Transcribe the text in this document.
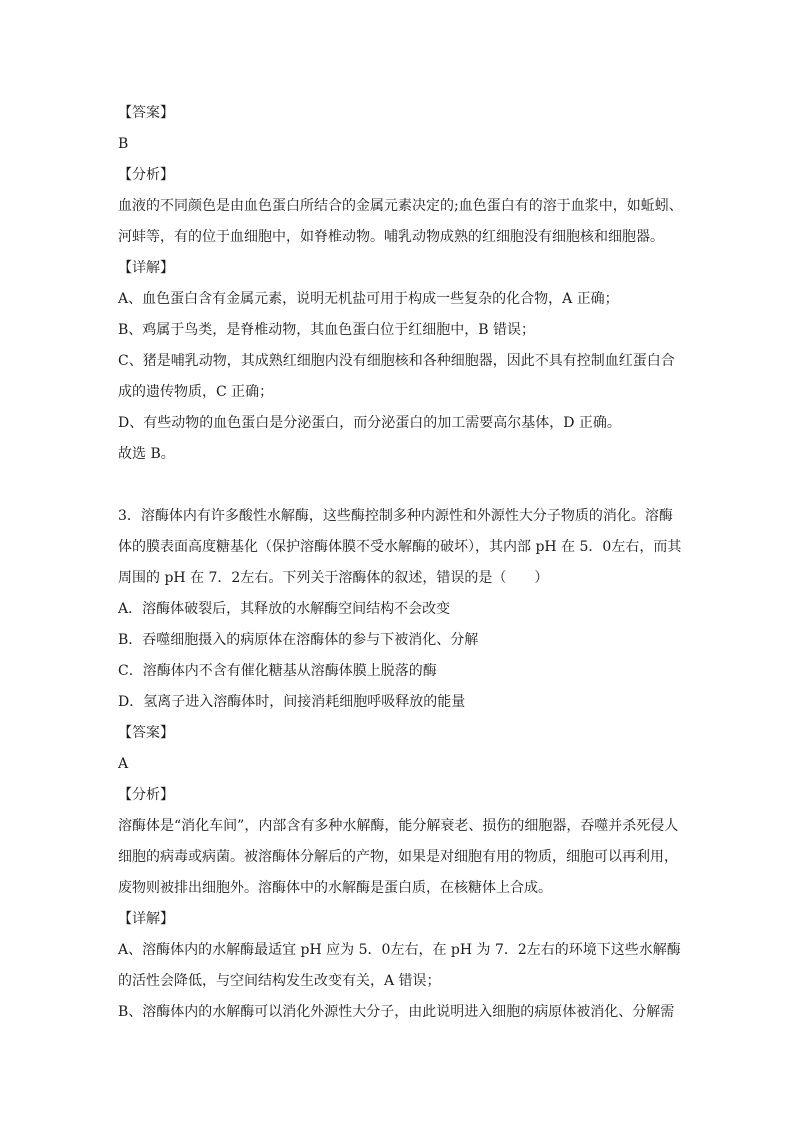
【答案】
B
【分析】
血液的不同颜色是由血色蛋白所结合的金属元素决定的;血色蛋白有的溶于血浆中，如蚯蚓、
河蚌等，有的位于血细胞中，如脊椎动物。哺乳动物成熟的红细胞没有细胞核和细胞器。
【详解】
A、血色蛋白含有金属元素，说明无机盐可用于构成一些复杂的化合物，A 正确；
B、鸡属于鸟类，是脊椎动物，其血色蛋白位于红细胞中，B 错误；
C、猪是哺乳动物，其成熟红细胞内没有细胞核和各种细胞器，因此不具有控制血红蛋白合
成的遗传物质，C 正确；
D、有些动物的血色蛋白是分泌蛋白，而分泌蛋白的加工需要高尔基体，D 正确。
故选 B。
3．溶酶体内有许多酸性水解酶，这些酶控制多种内源性和外源性大分子物质的消化。溶酶
体的膜表面高度糖基化（保护溶酶体膜不受水解酶的破坏），其内部 pH 在 5．0左右，而其
周围的 pH 在 7．2左右。下列关于溶酶体的叙述，错误的是（　　）
A．溶酶体破裂后，其释放的水解酶空间结构不会改变
B．吞噬细胞摄入的病原体在溶酶体的参与下被消化、分解
C．溶酶体内不含有催化糖基从溶酶体膜上脱落的酶
D．氢离子进入溶酶体时，间接消耗细胞呼吸释放的能量
【答案】
A
【分析】
溶酶体是“消化车间”，内部含有多种水解酶，能分解衰老、损伤的细胞器，吞噬并杀死侵人
细胞的病毒或病菌。被溶酶体分解后的产物，如果是对细胞有用的物质，细胞可以再利用，
废物则被排出细胞外。溶酶体中的水解酶是蛋白质，在核糖体上合成。
【详解】
A、溶酶体内的水解酶最适宜 pH 应为 5．0左右，在 pH 为 7．2左右的环境下这些水解酶
的活性会降低，与空间结构发生改变有关，A 错误；
B、溶酶体内的水解酶可以消化外源性大分子，由此说明进入细胞的病原体被消化、分解需
